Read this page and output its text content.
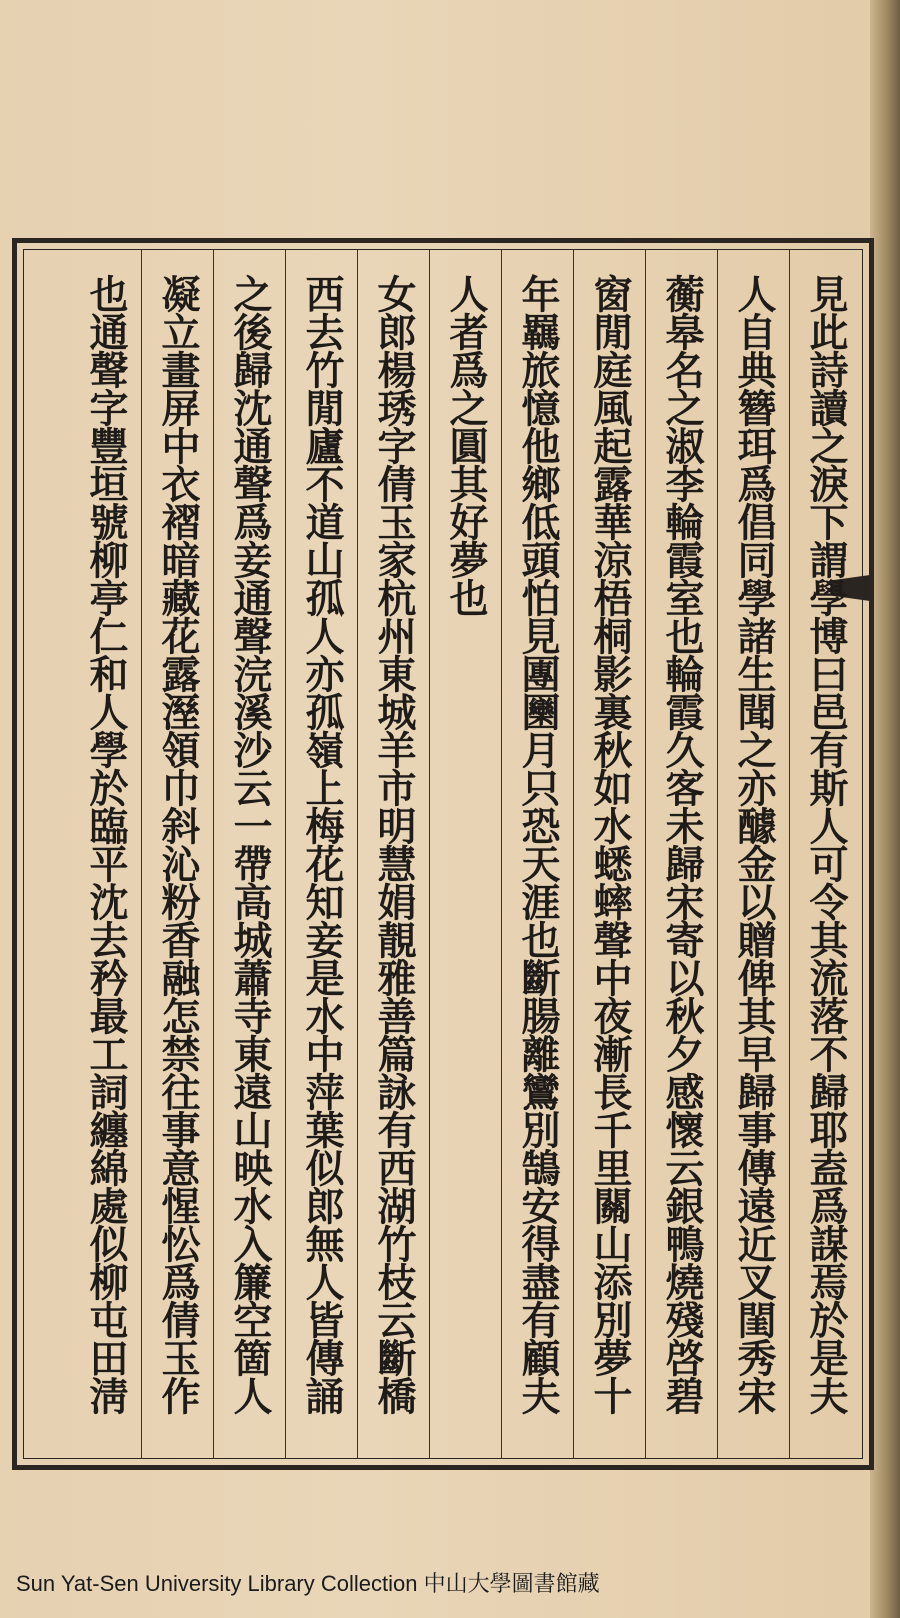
見此詩讀之淚下謂學博曰邑有斯人可令其流落不歸耶盍爲謀焉於是夫
人自典簪珥爲倡同學諸生聞之亦醵金以贈俾其早歸事傳遠近叉閨秀宋
蘅皋名之淑李輪霞室也輪霞久客未歸宋寄以秋夕感懷云銀鴨燒殘啓碧
窗閒庭風起露華涼梧桐影裏秋如水蟋蟀聲中夜漸長千里關山添別夢十
年羈旅憶他鄉低頭怕見團圞月只恐天涯也斷腸離鸞別鵠安得盡有顧夫
人者爲之圓其好夢也
女郎楊琇字倩玉家杭州東城羊市明慧娟靚雅善篇詠有西湖竹枝云斷橋
西去竹閒廬不道山孤人亦孤嶺上梅花知妾是水中萍葉似郎無人皆傳誦
之後歸沈通聲爲妾通聲浣溪沙云一帶高城蕭寺東遠山映水入簾空箇人
凝立畫屏中衣褶暗藏花露溼領巾斜沁粉香融怎禁往事意惺忪爲倩玉作
也通聲字豐垣號柳亭仁和人學於臨平沈去矜最工詞纏綿處似柳屯田淸
Sun Yat-Sen University Library Collection 中山大學圖書館藏
